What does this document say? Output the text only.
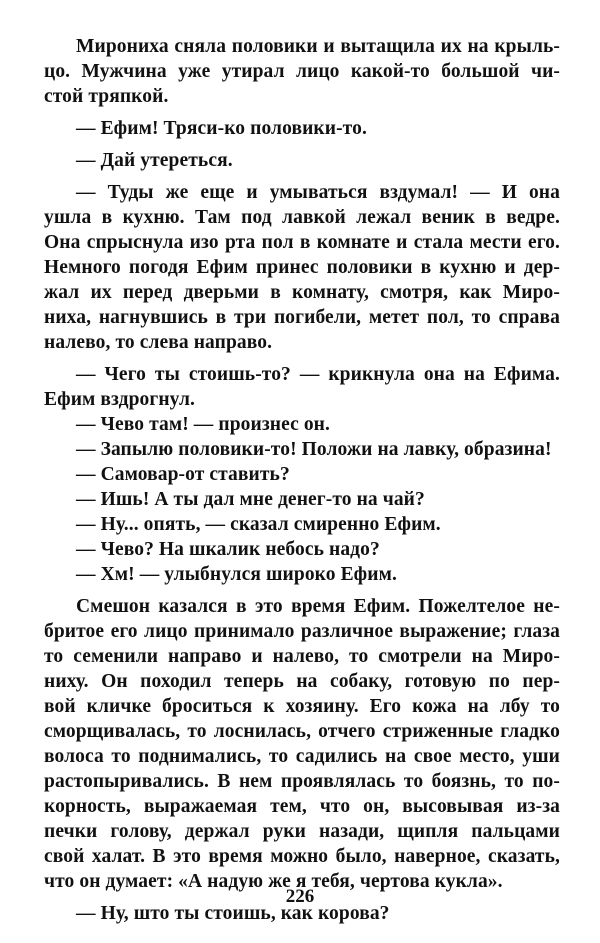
Мирониха сняла половики и вытащила их на крыль-
цо. Мужчина уже утирал лицо какой-то большой чи-
стой тряпкой.
— Ефим! Тряси-ко половики-то.
— Дай утереться.
— Туды же еще и умываться вздумал! — И она
ушла в кухню. Там под лавкой лежал веник в ведре.
Она спрыснула изо рта пол в комнате и стала мести его.
Немного погодя Ефим принес половики в кухню и дер-
жал их перед дверьми в комнату, смотря, как Миро-
ниха, нагнувшись в три погибели, метет пол, то справа
налево, то слева направо.
— Чего ты стоишь-то? — крикнула она на Ефима.
Ефим вздрогнул.
— Чево там! — произнес он.
— Запылю половики-то! Положи на лавку, образина!
— Самовар-от ставить?
— Ишь! А ты дал мне денег-то на чай?
— Ну... опять, — сказал смиренно Ефим.
— Чево? На шкалик небось надо?
— Хм! — улыбнулся широко Ефим.
Смешон казался в это время Ефим. Пожелтелое не-
бритое его лицо принимало различное выражение; глаза
то семенили направо и налево, то смотрели на Миро-
ниху. Он походил теперь на собаку, готовую по пер-
вой кличке броситься к хозяину. Его кожа на лбу то
сморщивалась, то лоснилась, отчего стриженные гладко
волоса то поднимались, то садились на свое место, уши
растопыривались. В нем проявлялась то боязнь, то по-
корность, выражаемая тем, что он, высовывая из-за
печки голову, держал руки назади, щипля пальцами
свой халат. В это время можно было, наверное, сказать,
что он думает: «А надую же я тебя, чертова кукла».
— Ну, што ты стоишь, как корова?
226
